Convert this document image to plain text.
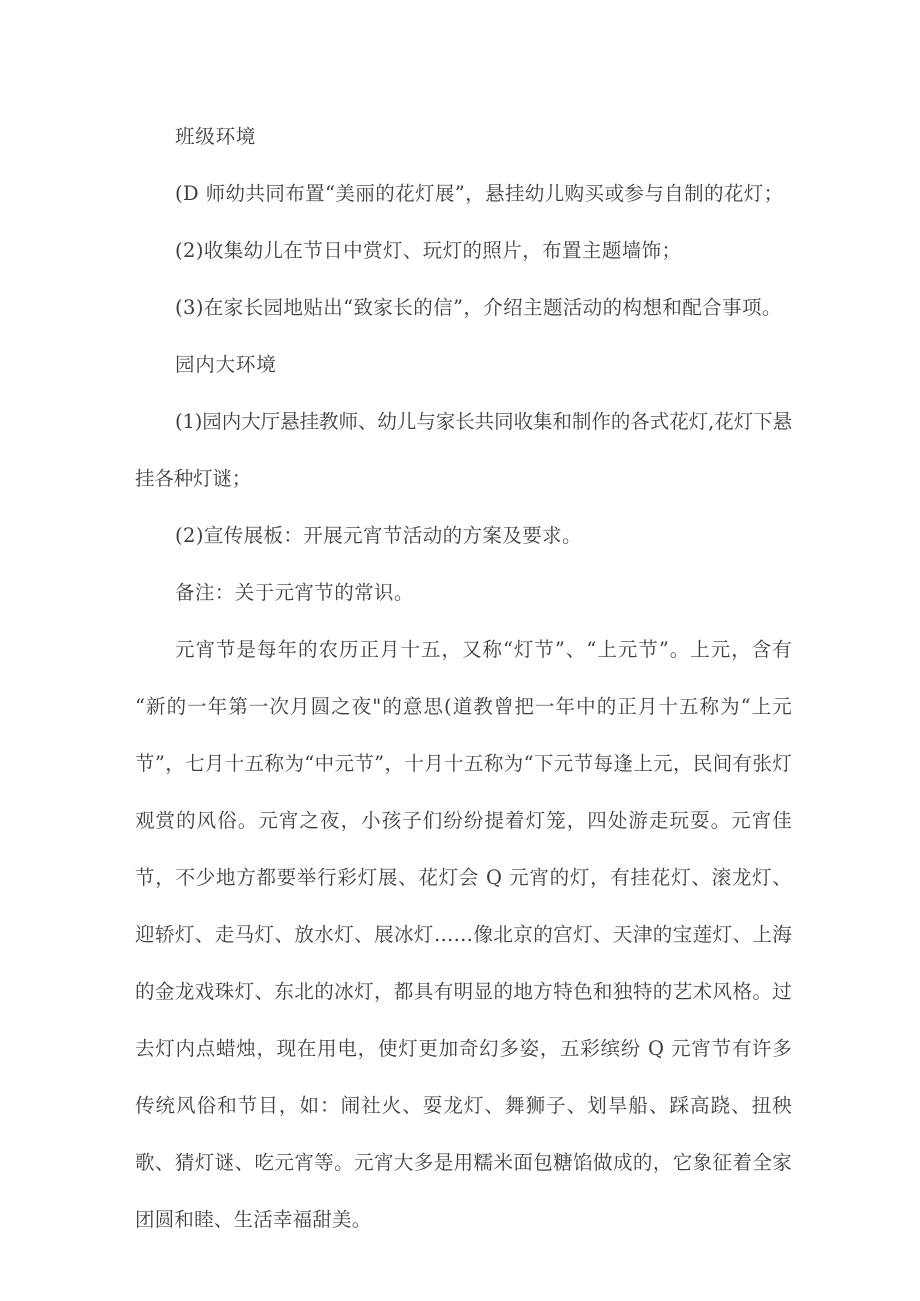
班级环境
(D 师幼共同布置“美丽的花灯展”，悬挂幼儿购买或参与自制的花灯；
(2)收集幼儿在节日中赏灯、玩灯的照片，布置主题墙饰；
(3)在家长园地贴出“致家长的信”，介绍主题活动的构想和配合事项。
园内大环境
(1)园内大厅悬挂教师、幼儿与家长共同收集和制作的各式花灯,花灯下悬挂各种灯谜；
(2)宣传展板：开展元宵节活动的方案及要求。
备注：关于元宵节的常识。
元宵节是每年的农历正月十五，又称“灯节”、“上元节”。上元，含有“新的一年第一次月圆之夜"的意思(道教曾把一年中的正月十五称为“上元节”，七月十五称为“中元节”，十月十五称为“下元节每逢上元，民间有张灯观赏的风俗。元宵之夜，小孩子们纷纷提着灯笼，四处游走玩耍。元宵佳节，不少地方都要举行彩灯展、花灯会 Q 元宵的灯，有挂花灯、滚龙灯、迎轿灯、走马灯、放水灯、展冰灯……像北京的宫灯、天津的宝莲灯、上海的金龙戏珠灯、东北的冰灯，都具有明显的地方特色和独特的艺术风格。过去灯内点蜡烛，现在用电，使灯更加奇幻多姿，五彩缤纷 Q 元宵节有许多传统风俗和节目，如：闹社火、耍龙灯、舞狮子、划旱船、踩高跷、扭秧歌、猜灯谜、吃元宵等。元宵大多是用糯米面包糖馅做成的，它象征着全家团圆和睦、生活幸福甜美。
